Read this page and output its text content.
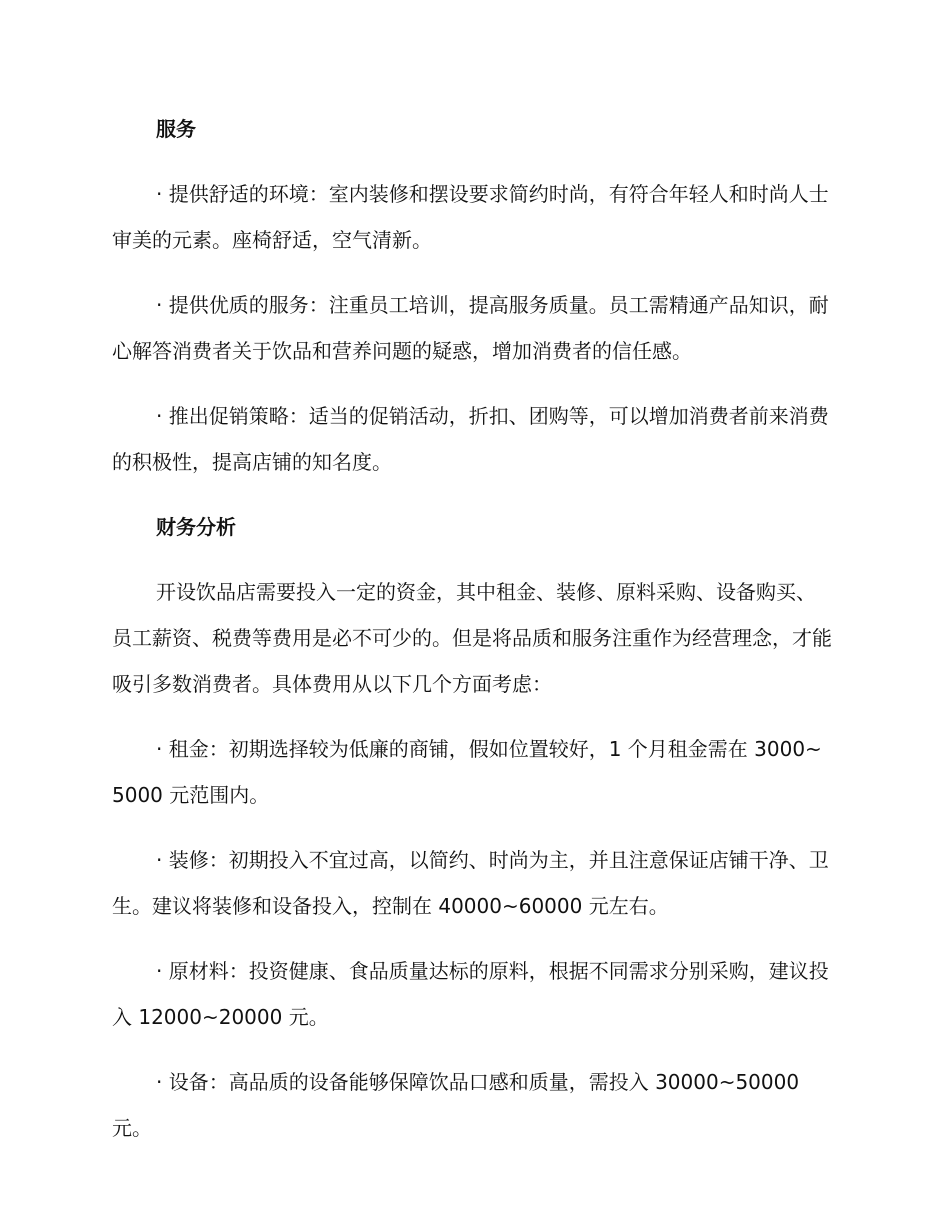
服务

· 提供舒适的环境：室内装修和摆设要求简约时尚，有符合年轻人和时尚人士审美的元素。座椅舒适，空气清新。

· 提供优质的服务：注重员工培训，提高服务质量。员工需精通产品知识，耐心解答消费者关于饮品和营养问题的疑惑，增加消费者的信任感。

· 推出促销策略：适当的促销活动，折扣、团购等，可以增加消费者前来消费的积极性，提高店铺的知名度。

财务分析

开设饮品店需要投入一定的资金，其中租金、装修、原料采购、设备购买、员工薪资、税费等费用是必不可少的。但是将品质和服务注重作为经营理念，才能吸引多数消费者。具体费用从以下几个方面考虑：

· 租金：初期选择较为低廉的商铺，假如位置较好，1 个月租金需在 3000~5000 元范围内。

· 装修：初期投入不宜过高，以简约、时尚为主，并且注意保证店铺干净、卫生。建议将装修和设备投入，控制在 40000~60000 元左右。

· 原材料：投资健康、食品质量达标的原料，根据不同需求分别采购，建议投入 12000~20000 元。

· 设备：高品质的设备能够保障饮品口感和质量，需投入 30000~50000 元。
